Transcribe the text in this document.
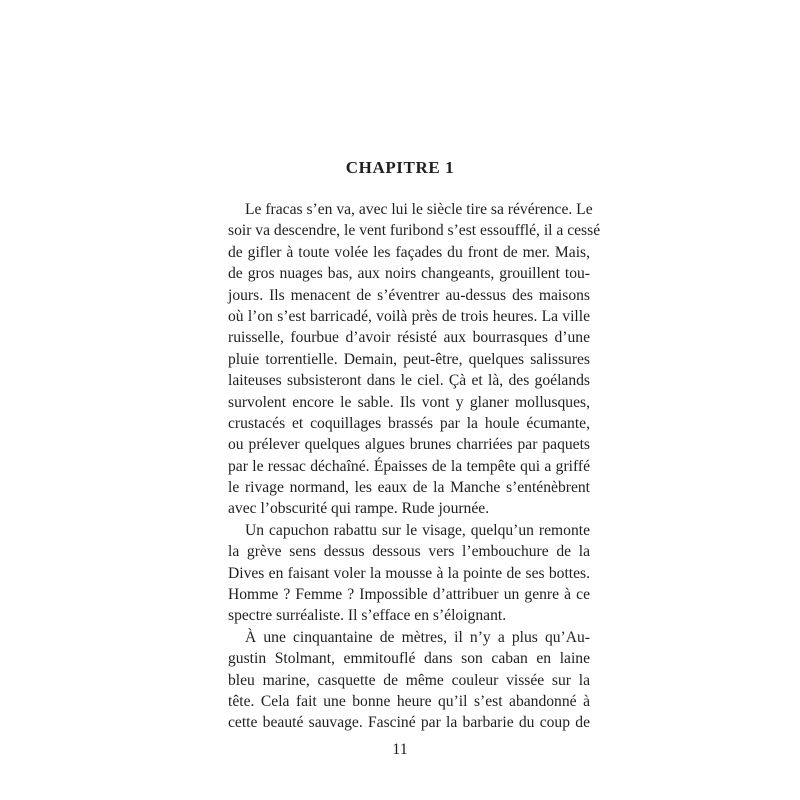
CHAPITRE 1
Le fracas s’en va, avec lui le siècle tire sa révérence. Le
soir va descendre, le vent furibond s’est essoufflé, il a cessé
de gifler à toute volée les façades du front de mer. Mais,
de gros nuages bas, aux noirs changeants, grouillent tou-
jours. Ils menacent de s’éventrer au-dessus des maisons
où l’on s’est barricadé, voilà près de trois heures. La ville
ruisselle, fourbue d’avoir résisté aux bourrasques d’une
pluie torrentielle. Demain, peut-être, quelques salissures
laiteuses subsisteront dans le ciel. Çà et là, des goélands
survolent encore le sable. Ils vont y glaner mollusques,
crustacés et coquillages brassés par la houle écumante,
ou prélever quelques algues brunes charriées par paquets
par le ressac déchaîné. Épaisses de la tempête qui a griffé
le rivage normand, les eaux de la Manche s’enténèbrent
avec l’obscurité qui rampe. Rude journée.
Un capuchon rabattu sur le visage, quelqu’un remonte
la grève sens dessus dessous vers l’embouchure de la
Dives en faisant voler la mousse à la pointe de ses bottes.
Homme ? Femme ? Impossible d’attribuer un genre à ce
spectre surréaliste. Il s’efface en s’éloignant.
À une cinquantaine de mètres, il n’y a plus qu’Au-
gustin Stolmant, emmitouflé dans son caban en laine
bleu marine, casquette de même couleur vissée sur la
tête. Cela fait une bonne heure qu’il s’est abandonné à
cette beauté sauvage. Fasciné par la barbarie du coup de
11
